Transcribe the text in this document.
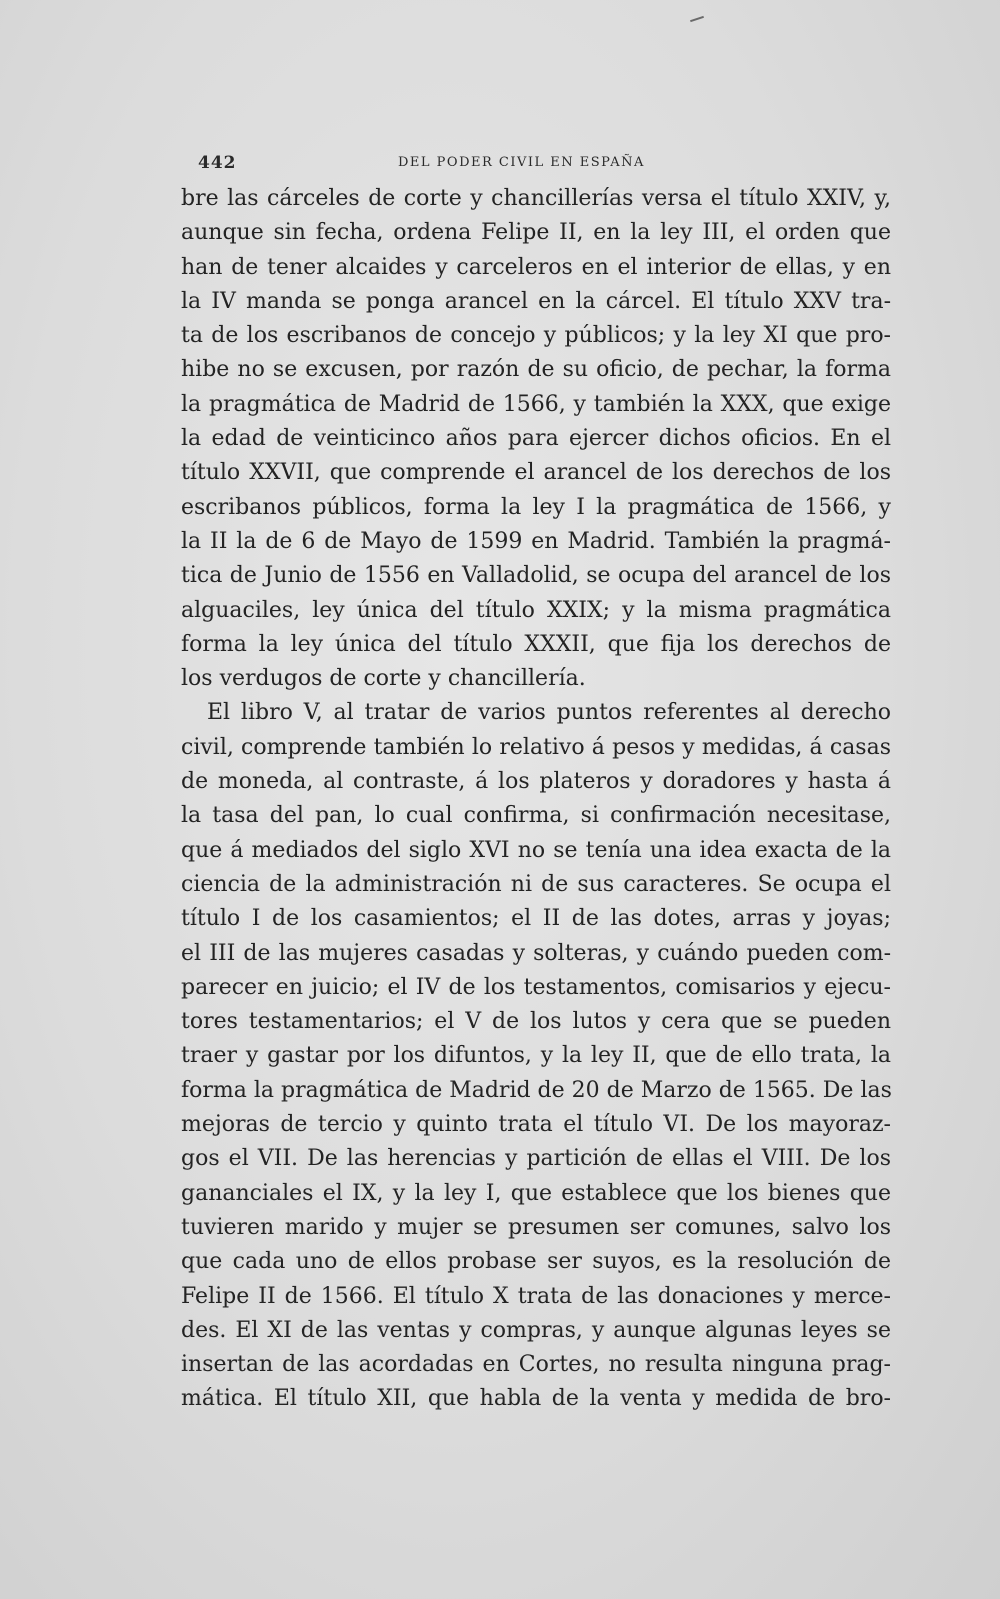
442	DEL PODER CIVIL EN ESPAÑA
bre las cárceles de corte y chancillerías versa el título XXIV, y,
aunque sin fecha, ordena Felipe II, en la ley III, el orden que
han de tener alcaides y carceleros en el interior de ellas, y en
la IV manda se ponga arancel en la cárcel. El título XXV tra-
ta de los escribanos de concejo y públicos; y la ley XI que pro-
hibe no se excusen, por razón de su oficio, de pechar, la forma
la pragmática de Madrid de 1566, y también la XXX, que exige
la edad de veinticinco años para ejercer dichos oficios. En el
título XXVII, que comprende el arancel de los derechos de los
escribanos públicos, forma la ley I la pragmática de 1566, y
la II la de 6 de Mayo de 1599 en Madrid. También la pragmá-
tica de Junio de 1556 en Valladolid, se ocupa del arancel de los
alguaciles, ley única del título XXIX; y la misma pragmática
forma la ley única del título XXXII, que fija los derechos de
los verdugos de corte y chancillería.
El libro V, al tratar de varios puntos referentes al derecho
civil, comprende también lo relativo á pesos y medidas, á casas
de moneda, al contraste, á los plateros y doradores y hasta á
la tasa del pan, lo cual confirma, si confirmación necesitase,
que á mediados del siglo XVI no se tenía una idea exacta de la
ciencia de la administración ni de sus caracteres. Se ocupa el
título I de los casamientos; el II de las dotes, arras y joyas;
el III de las mujeres casadas y solteras, y cuándo pueden com-
parecer en juicio; el IV de los testamentos, comisarios y ejecu-
tores testamentarios; el V de los lutos y cera que se pueden
traer y gastar por los difuntos, y la ley II, que de ello trata, la
forma la pragmática de Madrid de 20 de Marzo de 1565. De las
mejoras de tercio y quinto trata el título VI. De los mayoraz-
gos el VII. De las herencias y partición de ellas el VIII. De los
gananciales el IX, y la ley I, que establece que los bienes que
tuvieren marido y mujer se presumen ser comunes, salvo los
que cada uno de ellos probase ser suyos, es la resolución de
Felipe II de 1566. El título X trata de las donaciones y merce-
des. El XI de las ventas y compras, y aunque algunas leyes se
insertan de las acordadas en Cortes, no resulta ninguna prag-
mática. El título XII, que habla de la venta y medida de bro-
